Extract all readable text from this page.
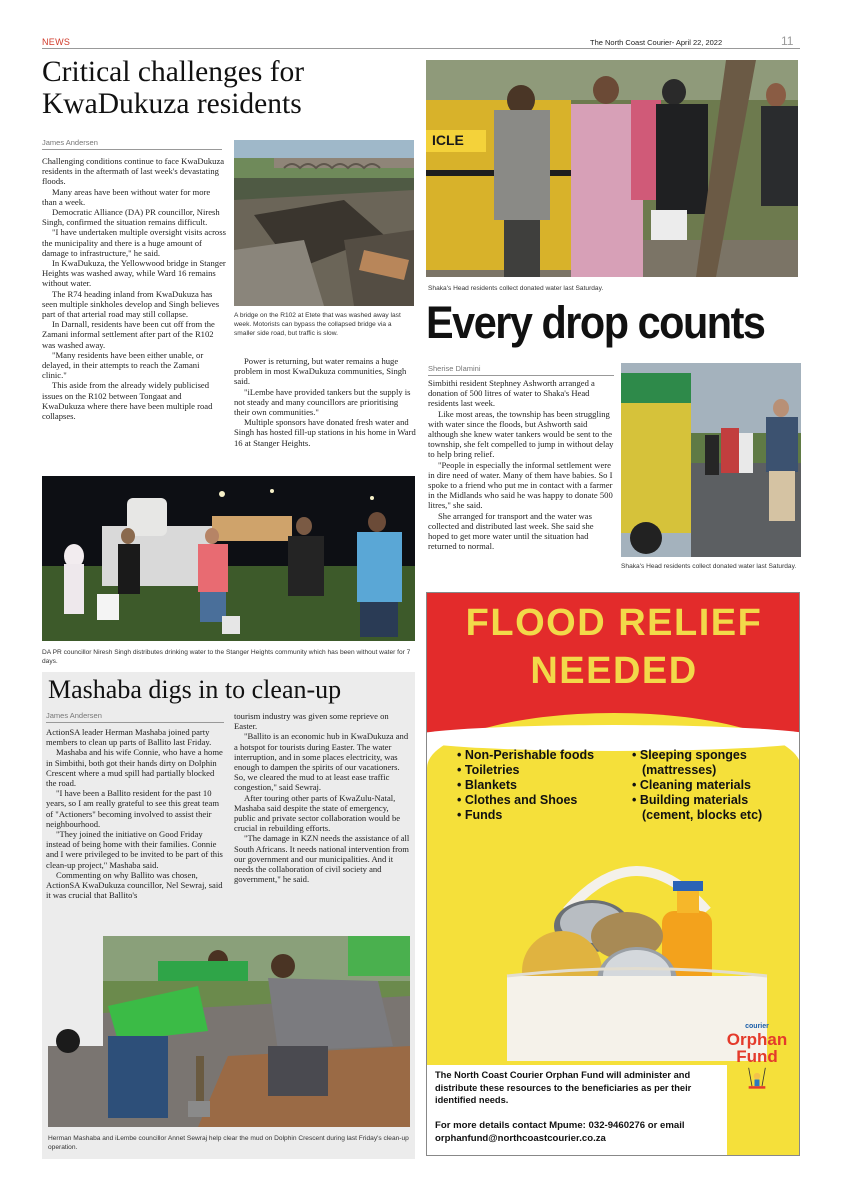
NEWS	The North Coast Courier- April 22, 2022	11
Critical challenges for KwaDukuza residents
James Andersen

Challenging conditions continue to face KwaDukuza residents in the aftermath of last week's devastating floods.

Many areas have been without water for more than a week.

Democratic Alliance (DA) PR councillor, Niresh Singh, confirmed the situation remains difficult.

"I have undertaken multiple oversight visits across the municipality and there is a huge amount of damage to infrastructure," he said.

In KwaDukuza, the Yellowwood bridge in Stanger Heights was washed away, while Ward 16 remains without water.

The R74 heading inland from KwaDukuza has seen multiple sinkholes develop and Singh believes part of that arterial road may still collapse.

In Darnall, residents have been cut off from the Zamani informal settlement after part of the R102 was washed away.

"Many residents have been either unable, or delayed, in their attempts to reach the Zamani clinic."

This aside from the already widely publicised issues on the R102 between Tongaat and KwaDukuza where there have been multiple road collapses.

A bridge on the R102 at Etete that was washed away last week. Motorists can bypass the collapsed bridge via a smaller side road, but traffic is slow.

Power is returning, but water remains a huge problem in most KwaDukuza communities, Singh said.

"iLembe have provided tankers but the supply is not steady and many councillors are prioritising their own communities."

Multiple sponsors have donated fresh water and Singh has hosted fill-up stations in his home in Ward 16 at Stanger Heights.

DA PR councillor Niresh Singh distributes drinking water to the Stanger Heights community which has been without water for 7 days.
ICLE
Shaka's Head residents collect donated water last Saturday.
Every drop counts
Sherise Dlamini

Simbithi resident Stephney Ashworth arranged a donation of 500 litres of water to Shaka's Head residents last week.

Like most areas, the township has been struggling with water since the floods, but Ashworth said although she knew water tankers would be sent to the township, she felt compelled to jump in without delay to help bring relief.

"People in especially the informal settlement were in dire need of water. Many of them have babies. So I spoke to a friend who put me in contact with a farmer in the Midlands who said he was happy to donate 500 litres," she said.

She arranged for transport and the water was collected and distributed last week. She said she hoped to get more water until the situation had returned to normal.

Shaka's Head residents collect donated water last Saturday.
Mashaba digs in to clean-up
James Andersen

ActionSA leader Herman Mashaba joined party members to clean up parts of Ballito last Friday.

Mashaba and his wife Connie, who have a home in Simbithi, both got their hands dirty on Dolphin Crescent where a mud spill had partially blocked the road.

"I have been a Ballito resident for the past 10 years, so I am really grateful to see this great team of "Actioners" becoming involved to assist their neighbourhood.

"They joined the initiative on Good Friday instead of being home with their families. Connie and I were privileged to be invited to be part of this clean-up project," Mashaba said.

Commenting on why Ballito was chosen, ActionSA KwaDukuza councillor, Nel Sewraj, said it was crucial that Ballito's

tourism industry was given some reprieve on Easter.

"Ballito is an economic hub in KwaDukuza and a hotspot for tourists during Easter. The water interruption, and in some places electricity, was enough to dampen the spirits of our vacationers. So, we cleared the mud to at least ease traffic congestion," said Sewraj.

After touring other parts of KwaZulu-Natal, Mashaba said despite the state of emergency, public and private sector collaboration would be crucial in rebuilding efforts.

"The damage in KZN needs the assistance of all South Africans. It needs national intervention from our government and our municipalities. And it needs the collaboration of civil society and government," he said.

Herman Mashaba and iLembe councillor Annet Sewraj help clear the mud on Dolphin Crescent during last Friday's clean-up operation.
FLOOD RELIEF
NEEDED
• Non-Perishable foods
• Toiletries
• Blankets
• Clothes and Shoes
• Funds
• Sleeping sponges (mattresses)
• Cleaning materials
• Building materials (cement, blocks etc)
courier
Orphan
Fund
The North Coast Courier Orphan Fund will administer and distribute these resources to the beneficiaries as per their identified needs.
For more details contact Mpume: 032-9460276 or email orphanfund@northcoastcourier.co.za
